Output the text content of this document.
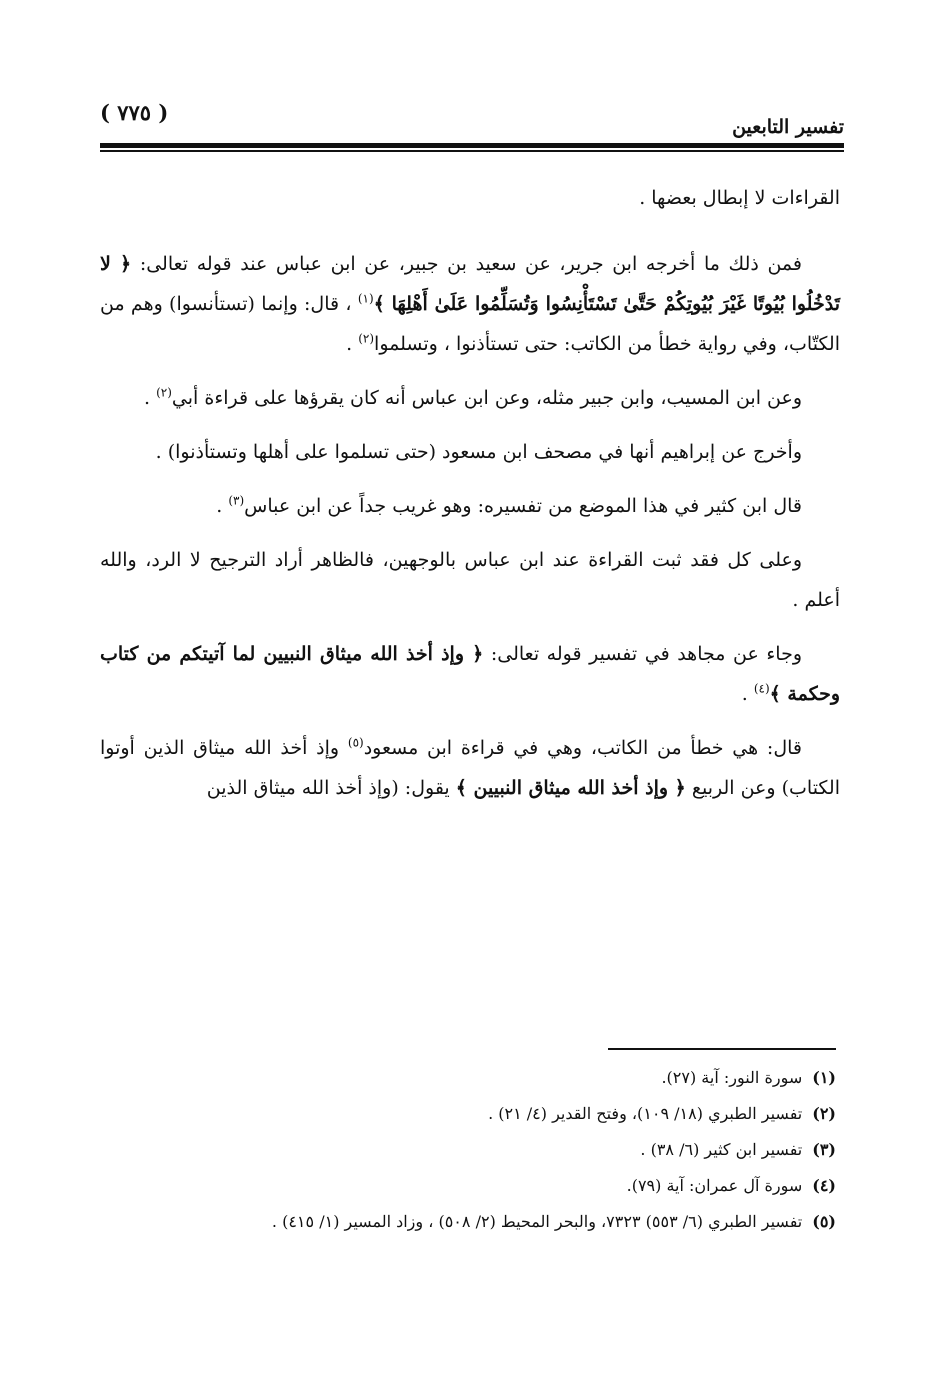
تفسير التابعين
( ٧٧٥ )

القراءات لا إبطال بعضها .

فمن ذلك ما أخرجه ابن جرير، عن سعيد بن جبير، عن ابن عباس عند قوله تعالى: ﴿ لا تَدْخُلُوا بُيُوتًا غَيْرَ بُيُوتِكُمْ حَتَّىٰ تَسْتَأْنِسُوا وَتُسَلِّمُوا عَلَىٰ أَهْلِهَا ﴾$^{(١)}$ ، قال: وإنما (تستأنسوا) وهم من الكتّاب، وفي رواية خطأ من الكاتب: حتى تستأذنوا ، وتسلموا$^{(٢)}$ .

وعن ابن المسيب، وابن جبير مثله، وعن ابن عباس أنه كان يقرؤها على قراءة أبي$^{(٢)}$ .

وأخرج عن إبراهيم أنها في مصحف ابن مسعود (حتى تسلموا على أهلها وتستأذنوا) .

قال ابن كثير في هذا الموضع من تفسيره: وهو غريب جداً عن ابن عباس$^{(٣)}$ .

وعلى كل فقد ثبت القراءة عند ابن عباس بالوجهين، فالظاهر أراد الترجيح لا الرد، والله أعلم .

وجاء عن مجاهد في تفسير قوله تعالى: ﴿ وإذ أخذ الله ميثاق النبيين لما آتيتكم من كتاب وحكمة ﴾$^{(٤)}$ .

قال: هي خطأ من الكاتب، وهي في قراءة ابن مسعود$^{(٥)}$ وإذ أخذ الله ميثاق الذين أوتوا الكتاب) وعن الربيع ﴿ وإذ أخذ الله ميثاق النبيين ﴾ يقول: (وإذ أخذ الله ميثاق الذين

(١)سورة النور: آية (٢٧).

(٢)تفسير الطبري (١٨/ ١٠٩)، وفتح القدير (٤/ ٢١) .

(٣)تفسير ابن كثير (٦/ ٣٨) .

(٤)سورة آل عمران: آية (٧٩).

(٥)تفسير الطبري (٦/ ٥٥٣) ٧٣٢٣، والبحر المحيط (٢/ ٥٠٨) ، وزاد المسير (١/ ٤١٥) .
